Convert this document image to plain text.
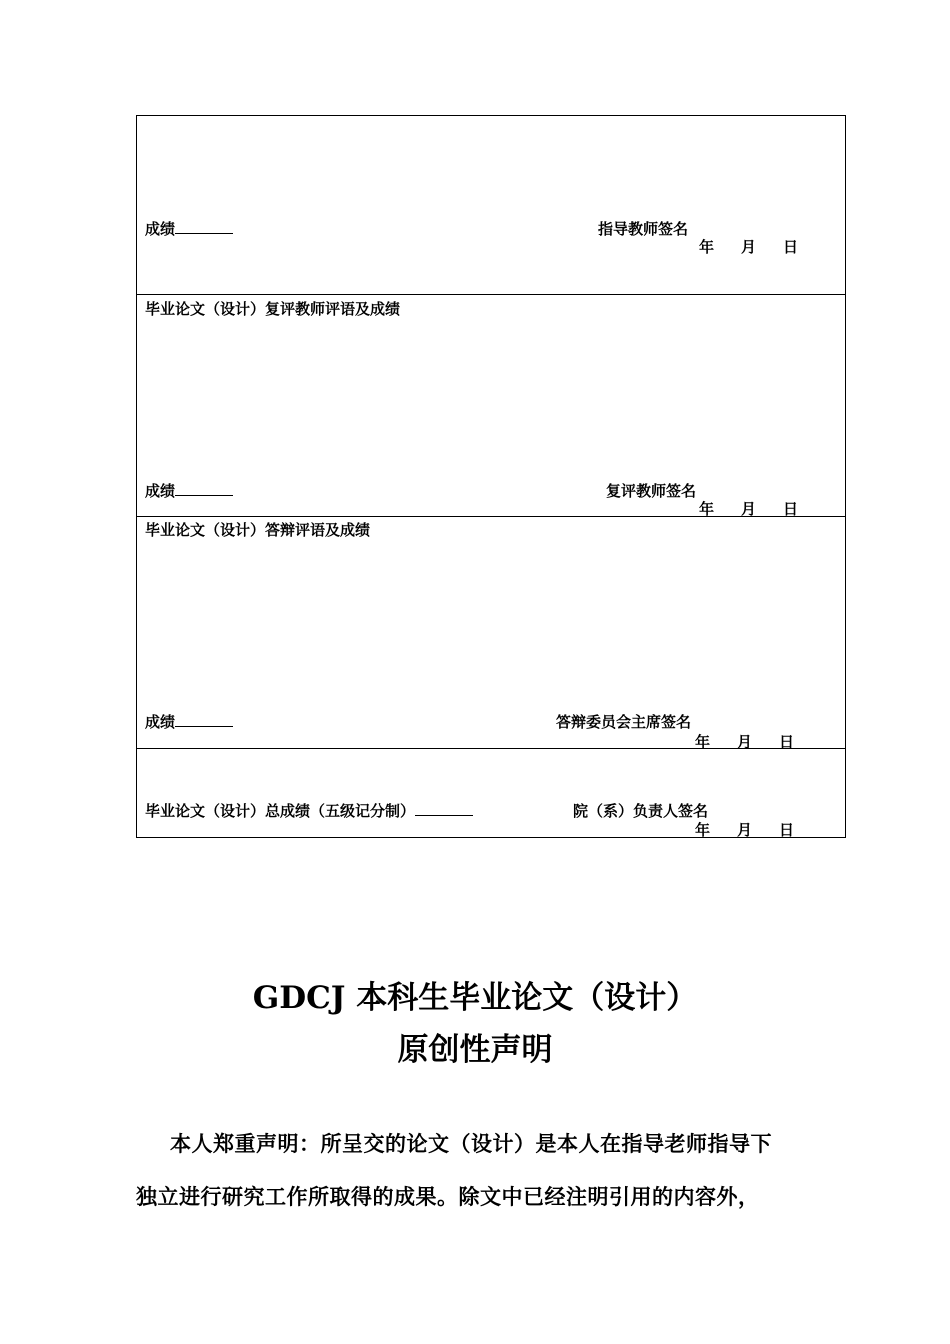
成绩	指导教师签名
年 月 日
毕业论文（设计）复评教师评语及成绩
成绩	复评教师签名
年 月 日
毕业论文（设计）答辩评语及成绩
成绩	答辩委员会主席签名
年 月 日
毕业论文（设计）总成绩（五级记分制）	院（系）负责人签名
年 月 日
GDCJ 本科生毕业论文（设计）
原创性声明
本人郑重声明：所呈交的论文（设计）是本人在指导老师指导下
独立进行研究工作所取得的成果。除文中已经注明引用的内容外，
